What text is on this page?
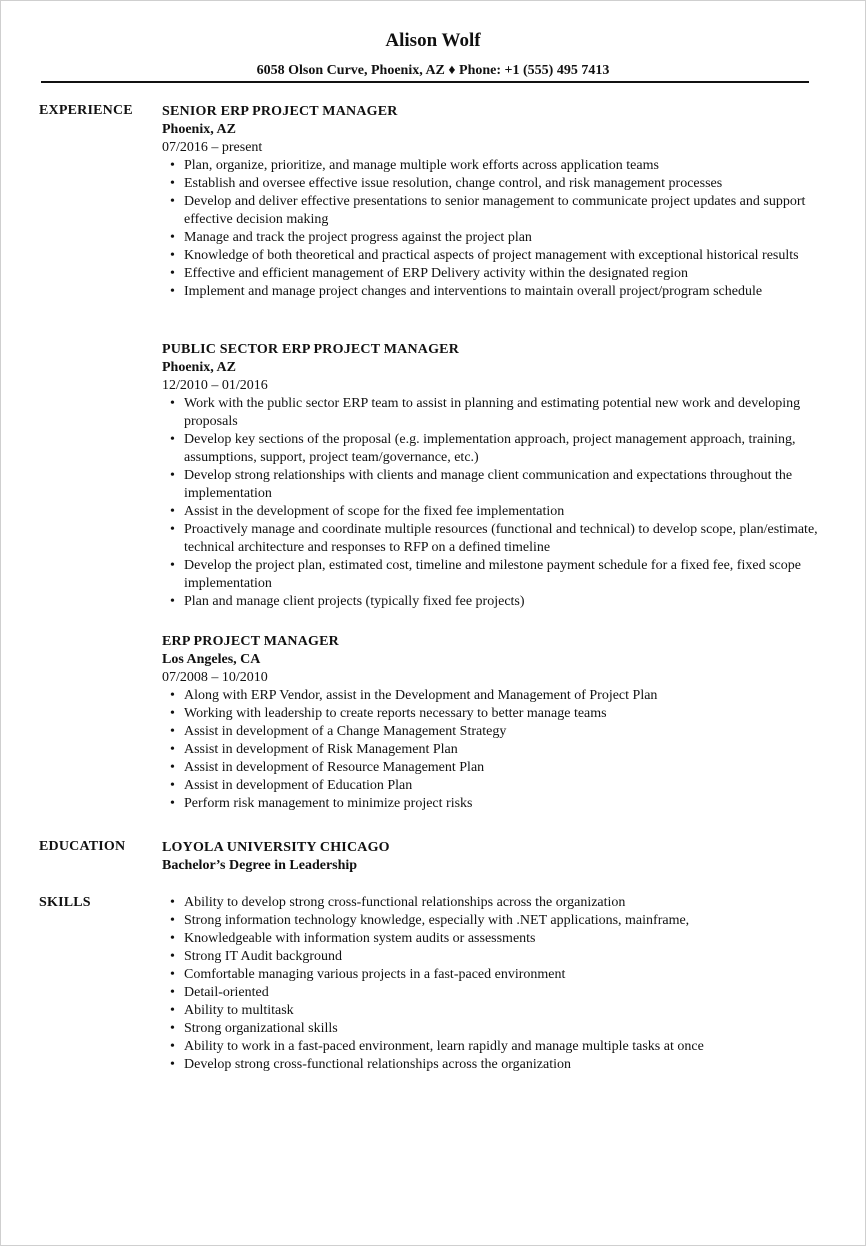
Alison Wolf
6058 Olson Curve, Phoenix, AZ ♦ Phone: +1 (555) 495 7413
EXPERIENCE SENIOR ERP PROJECT MANAGER
Phoenix, AZ
07/2016 – present
• Plan, organize, prioritize, and manage multiple work efforts across application teams
• Establish and oversee effective issue resolution, change control, and risk management processes
• Develop and deliver effective presentations to senior management to communicate project updates and support effective decision making
• Manage and track the project progress against the project plan
• Knowledge of both theoretical and practical aspects of project management with exceptional historical results
• Effective and efficient management of ERP Delivery activity within the designated region
• Implement and manage project changes and interventions to maintain overall project/program schedule
PUBLIC SECTOR ERP PROJECT MANAGER
Phoenix, AZ
12/2010 – 01/2016
• Work with the public sector ERP team to assist in planning and estimating potential new work and developing proposals
• Develop key sections of the proposal (e.g. implementation approach, project management approach, training, assumptions, support, project team/governance, etc.)
• Develop strong relationships with clients and manage client communication and expectations throughout the implementation
• Assist in the development of scope for the fixed fee implementation
• Proactively manage and coordinate multiple resources (functional and technical) to develop scope, plan/estimate, technical architecture and responses to RFP on a defined timeline
• Develop the project plan, estimated cost, timeline and milestone payment schedule for a fixed fee, fixed scope implementation
• Plan and manage client projects (typically fixed fee projects)
ERP PROJECT MANAGER
Los Angeles, CA
07/2008 – 10/2010
• Along with ERP Vendor, assist in the Development and Management of Project Plan
• Working with leadership to create reports necessary to better manage teams
• Assist in development of a Change Management Strategy
• Assist in development of Risk Management Plan
• Assist in development of Resource Management Plan
• Assist in development of Education Plan
• Perform risk management to minimize project risks
EDUCATION	LOYOLA UNIVERSITY CHICAGO
Bachelor’s Degree in Leadership
SKILLS
•	Ability to develop strong cross-functional relationships across the organization
• Strong information technology knowledge, especially with .NET applications, mainframe,
• Knowledgeable with information system audits or assessments
• Strong IT Audit background
• Comfortable managing various projects in a fast-paced environment
• Detail-oriented
• Ability to multitask
• Strong organizational skills
• Ability to work in a fast-paced environment, learn rapidly and manage multiple tasks at once
• Develop strong cross-functional relationships across the organization
